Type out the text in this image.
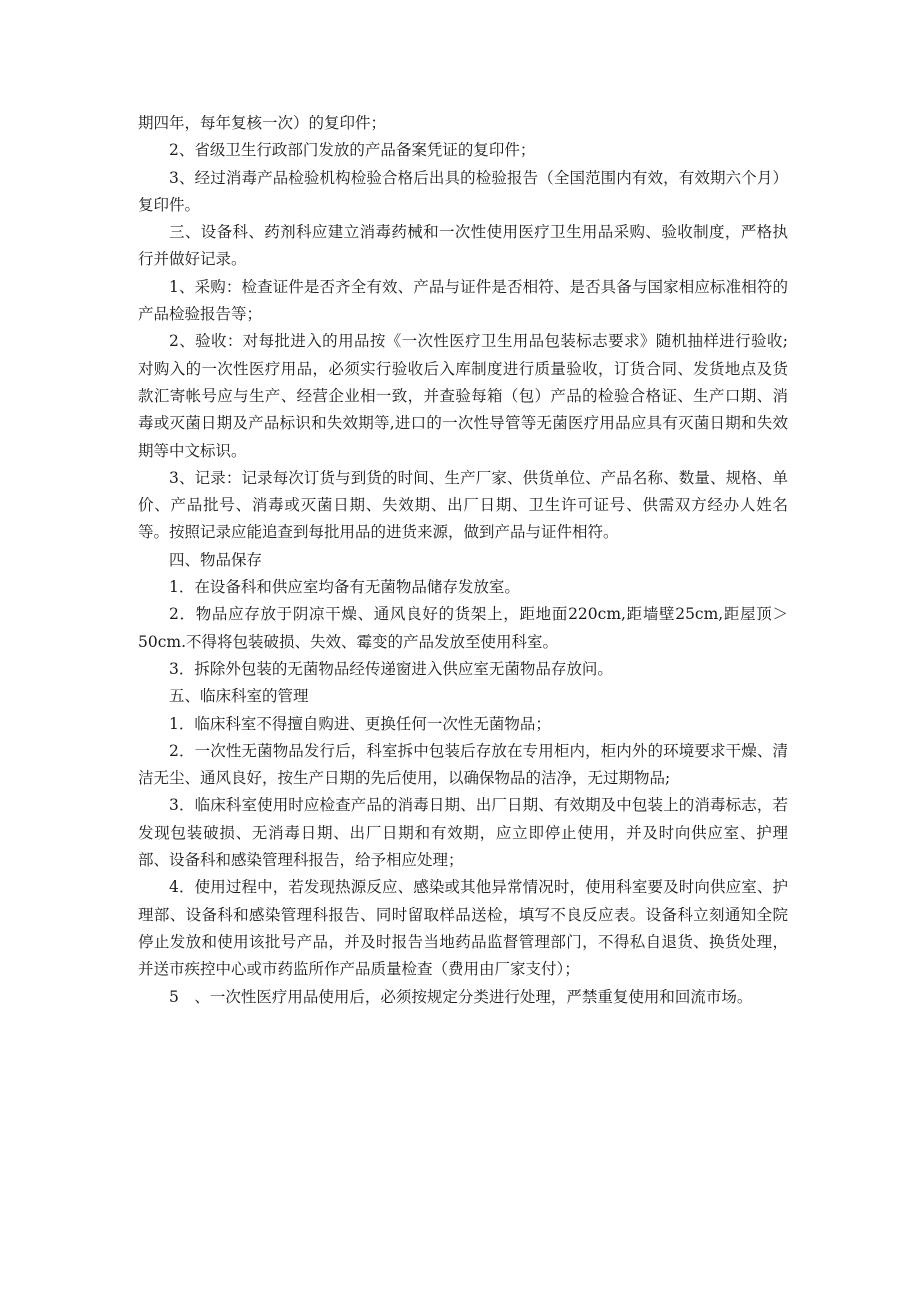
期四年，每年复核一次）的复印件；

2、省级卫生行政部门发放的产品备案凭证的复印件；

3、经过消毒产品检验机构检验合格后出具的检验报告（全国范围内有效，有效期六个月）复印件。

三、设备科、药剂科应建立消毒药械和一次性使用医疗卫生用品采购、验收制度，严格执行并做好记录。

1、采购：检查证件是否齐全有效、产品与证件是否相符、是否具备与国家相应标准相符的产品检验报告等；

2、验收：对每批进入的用品按《一次性医疗卫生用品包装标志要求》随机抽样进行验收;对购入的一次性医疗用品，必须实行验收后入库制度进行质量验收，订货合同、发货地点及货款汇寄帐号应与生产、经营企业相一致，并查验每箱（包）产品的检验合格证、生产口期、消毒或灭菌日期及产品标识和失效期等,进口的一次性导管等无菌医疗用品应具有灭菌日期和失效期等中文标识。

3、记录：记录每次订货与到货的时间、生产厂家、供货单位、产品名称、数量、规格、单价、产品批号、消毒或灭菌日期、失效期、出厂日期、卫生许可证号、供需双方经办人姓名等。按照记录应能追查到每批用品的进货来源，做到产品与证件相符。

四、物品保存

1．在设备科和供应室均备有无菌物品储存发放室。

2．物品应存放于阴凉干燥、通风良好的货架上，距地面220cm,距墙壁25cm,距屋顶＞50cm.不得将包装破损、失效、霉变的产品发放至使用科室。

3．拆除外包装的无菌物品经传递窗进入供应室无菌物品存放问。

五、临床科室的管理

1．临床科室不得擅自购进、更换任何一次性无菌物品；

2．一次性无菌物品发行后，科室拆中包装后存放在专用柜内，柜内外的环境要求干燥、清洁无尘、通风良好，按生产日期的先后使用，以确保物品的洁净，无过期物品;

3．临床科室使用时应检查产品的消毒日期、出厂日期、有效期及中包装上的消毒标志，若发现包装破损、无消毒日期、出厂日期和有效期，应立即停止使用，并及时向供应室、护理部、设备科和感染管理科报告，给予相应处理；

4．使用过程中，若发现热源反应、感染或其他异常情况时，使用科室要及时向供应室、护理部、设备科和感染管理科报告、同时留取样品送检，填写不良反应表。设备科立刻通知全院停止发放和使用该批号产品，并及时报告当地药品监督管理部门，不得私自退货、换货处理，并送市疾控中心或市药监所作产品质量检查（费用由厂家支付）；

5　、一次性医疗用品使用后，必须按规定分类进行处理，严禁重复使用和回流市场。
